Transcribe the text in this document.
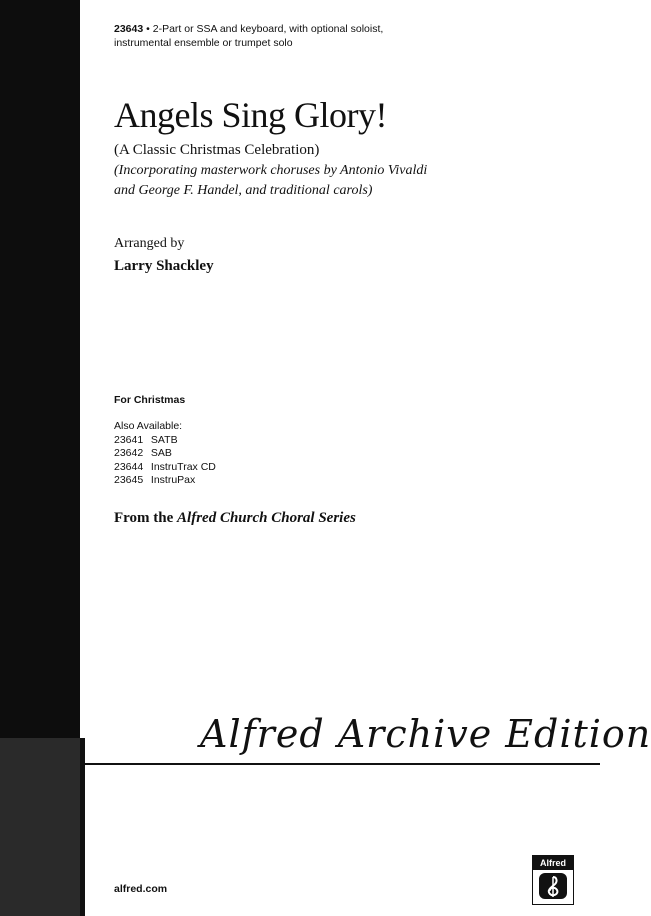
23643 • 2-Part or SSA and keyboard, with optional soloist, instrumental ensemble or trumpet solo
Angels Sing Glory!
(A Classic Christmas Celebration)
(Incorporating masterwork choruses by Antonio Vivaldi
and George F. Handel, and traditional carols)
Arranged by
Larry Shackley
For Christmas
Also Available:
23641 SATB
23642 SAB
23644 InstruTrax CD
23645 InstruPax
From the Alfred Church Choral Series
Alfred Archive Edition
alfred.com
Alfred
